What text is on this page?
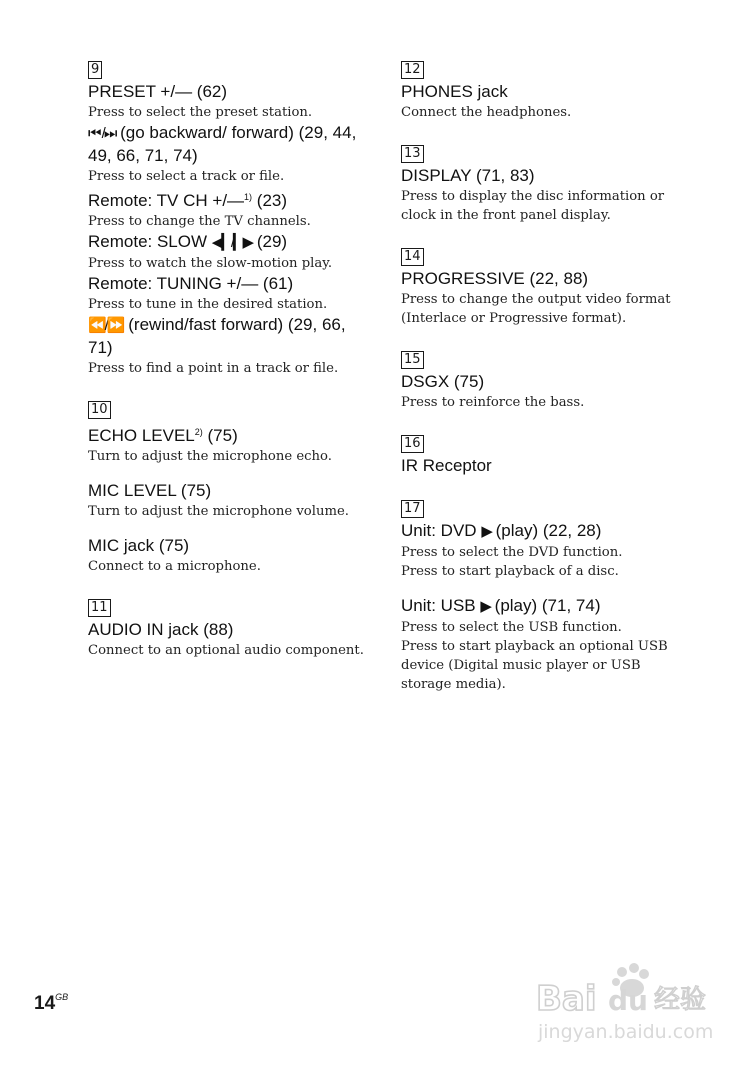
9
PRESET +/— (62)
Press to select the preset station.
⏮ /⏭ (go backward/ forward) (29, 44, 49, 66, 71, 74)
Press to select a track or file.
Remote: TV CH +/—$^{1)}$ (23)
Press to change the TV channels.
Remote: SLOW ◀▎/▎▶ (29)
Press to watch the slow-motion play.
Remote: TUNING +/— (61)
Press to tune in the desired station.
⏪/⏩ (rewind/fast forward) (29, 66, 71)
Press to find a point in a track or file.
10
ECHO LEVEL$^{2)}$ (75)
Turn to adjust the microphone echo.
MIC LEVEL (75)
Turn to adjust the microphone volume.
MIC jack (75)
Connect to a microphone.
11
AUDIO IN jack (88)
Connect to an optional audio component.
12
PHONES jack
Connect the headphones.
13
DISPLAY (71, 83)
Press to display the disc information or clock in the front panel display.
14
PROGRESSIVE (22, 88)
Press to change the output video format (Interlace or Progressive format).
15
DSGX (75)
Press to reinforce the bass.
16
IR Receptor
17
Unit: DVD ▶ (play) (22, 28)
Press to select the DVD function.
Press to start playback of a disc.
Unit: USB ▶ (play) (71, 74)
Press to select the USB function.
Press to start playback an optional USB device (Digital music player or USB storage media).
$14^{GB}$	Bai du 经验
jingyan.baidu.com
